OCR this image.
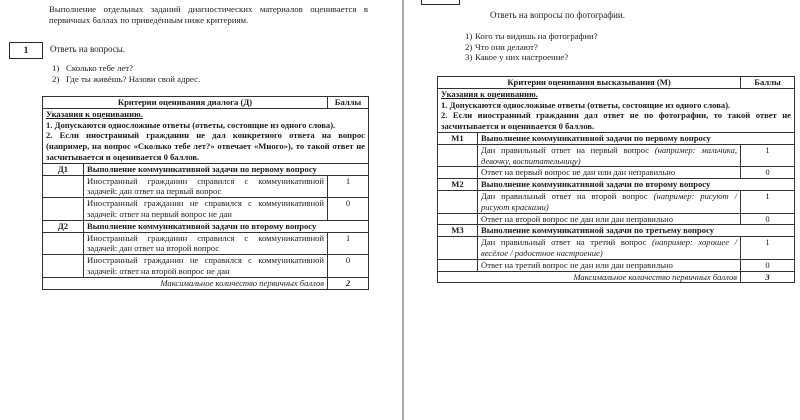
Выполнение отдельных заданий диагностических материалов оценивается в первичных баллах по приведённым ниже критериям.
1 Ответь на вопросы.
1) Сколько тебе лет?
2) Где ты живёшь? Назови свой адрес.
Критерии оценивания диалога (Д)		Баллы
Указания к оцениванию.

1. Допускаются односложные ответы (ответы, состоящие из одного слова).

2. Если иностранный гражданин не дал конкретного ответа на вопрос (например, на вопрос «Сколько тебе лет?» отвечает «Много»), то такой ответ не засчитывается и оценивается 0 баллов.		

Д1	Выполнение коммуникативной задачи по первому вопросу	
	Иностранный гражданин справился с коммуникативной задачей: дан ответ на первый вопрос	1
	Иностранный гражданин не справился с коммуникативной задачей: ответ на первый вопрос не дан	0
Д2	Выполнение коммуникативной задачи по второму вопросу	
	Иностранный гражданин справился с коммуникативной задачей: дан ответ на второй вопрос	1
	Иностранный гражданин не справился с коммуникативной задачей: ответ на второй вопрос не дан	0
Максимальное количество первичных баллов		2
Ответь на вопросы по фотографии.
1) Кого ты видишь на фотографии?
2) Что они делают?
3) Какое у них настроение?
Критерии оценивания высказывания (М)		Баллы
Указания к оцениванию.

1. Допускаются односложные ответы (ответы, состоящие из одного слова).

2. Если иностранный гражданин дал ответ не по фотографии, то такой ответ не засчитывается и оценивается 0 баллов.		

М1	Выполнение коммуникативной задачи по первому вопросу	
	Дан правильный ответ на первый вопрос (например: мальчика, девочку, воспитательницу)	1
	Ответ на первый вопрос не дан или дан неправильно	0
М2	Выполнение коммуникативной задачи по второму вопросу	
	Дан правильный ответ на второй вопрос (например: рисуют / рисуют красками)	1
	Ответ на второй вопрос не дан или дан неправильно	0
М3	Выполнение коммуникативной задачи по третьему вопросу	
	Дан правильный ответ на третий вопрос (например: хорошее / весёлое / радостное настроение)	1
	Ответ на третий вопрос не дан или дан неправильно	0
Максимальное количество первичных баллов		3
